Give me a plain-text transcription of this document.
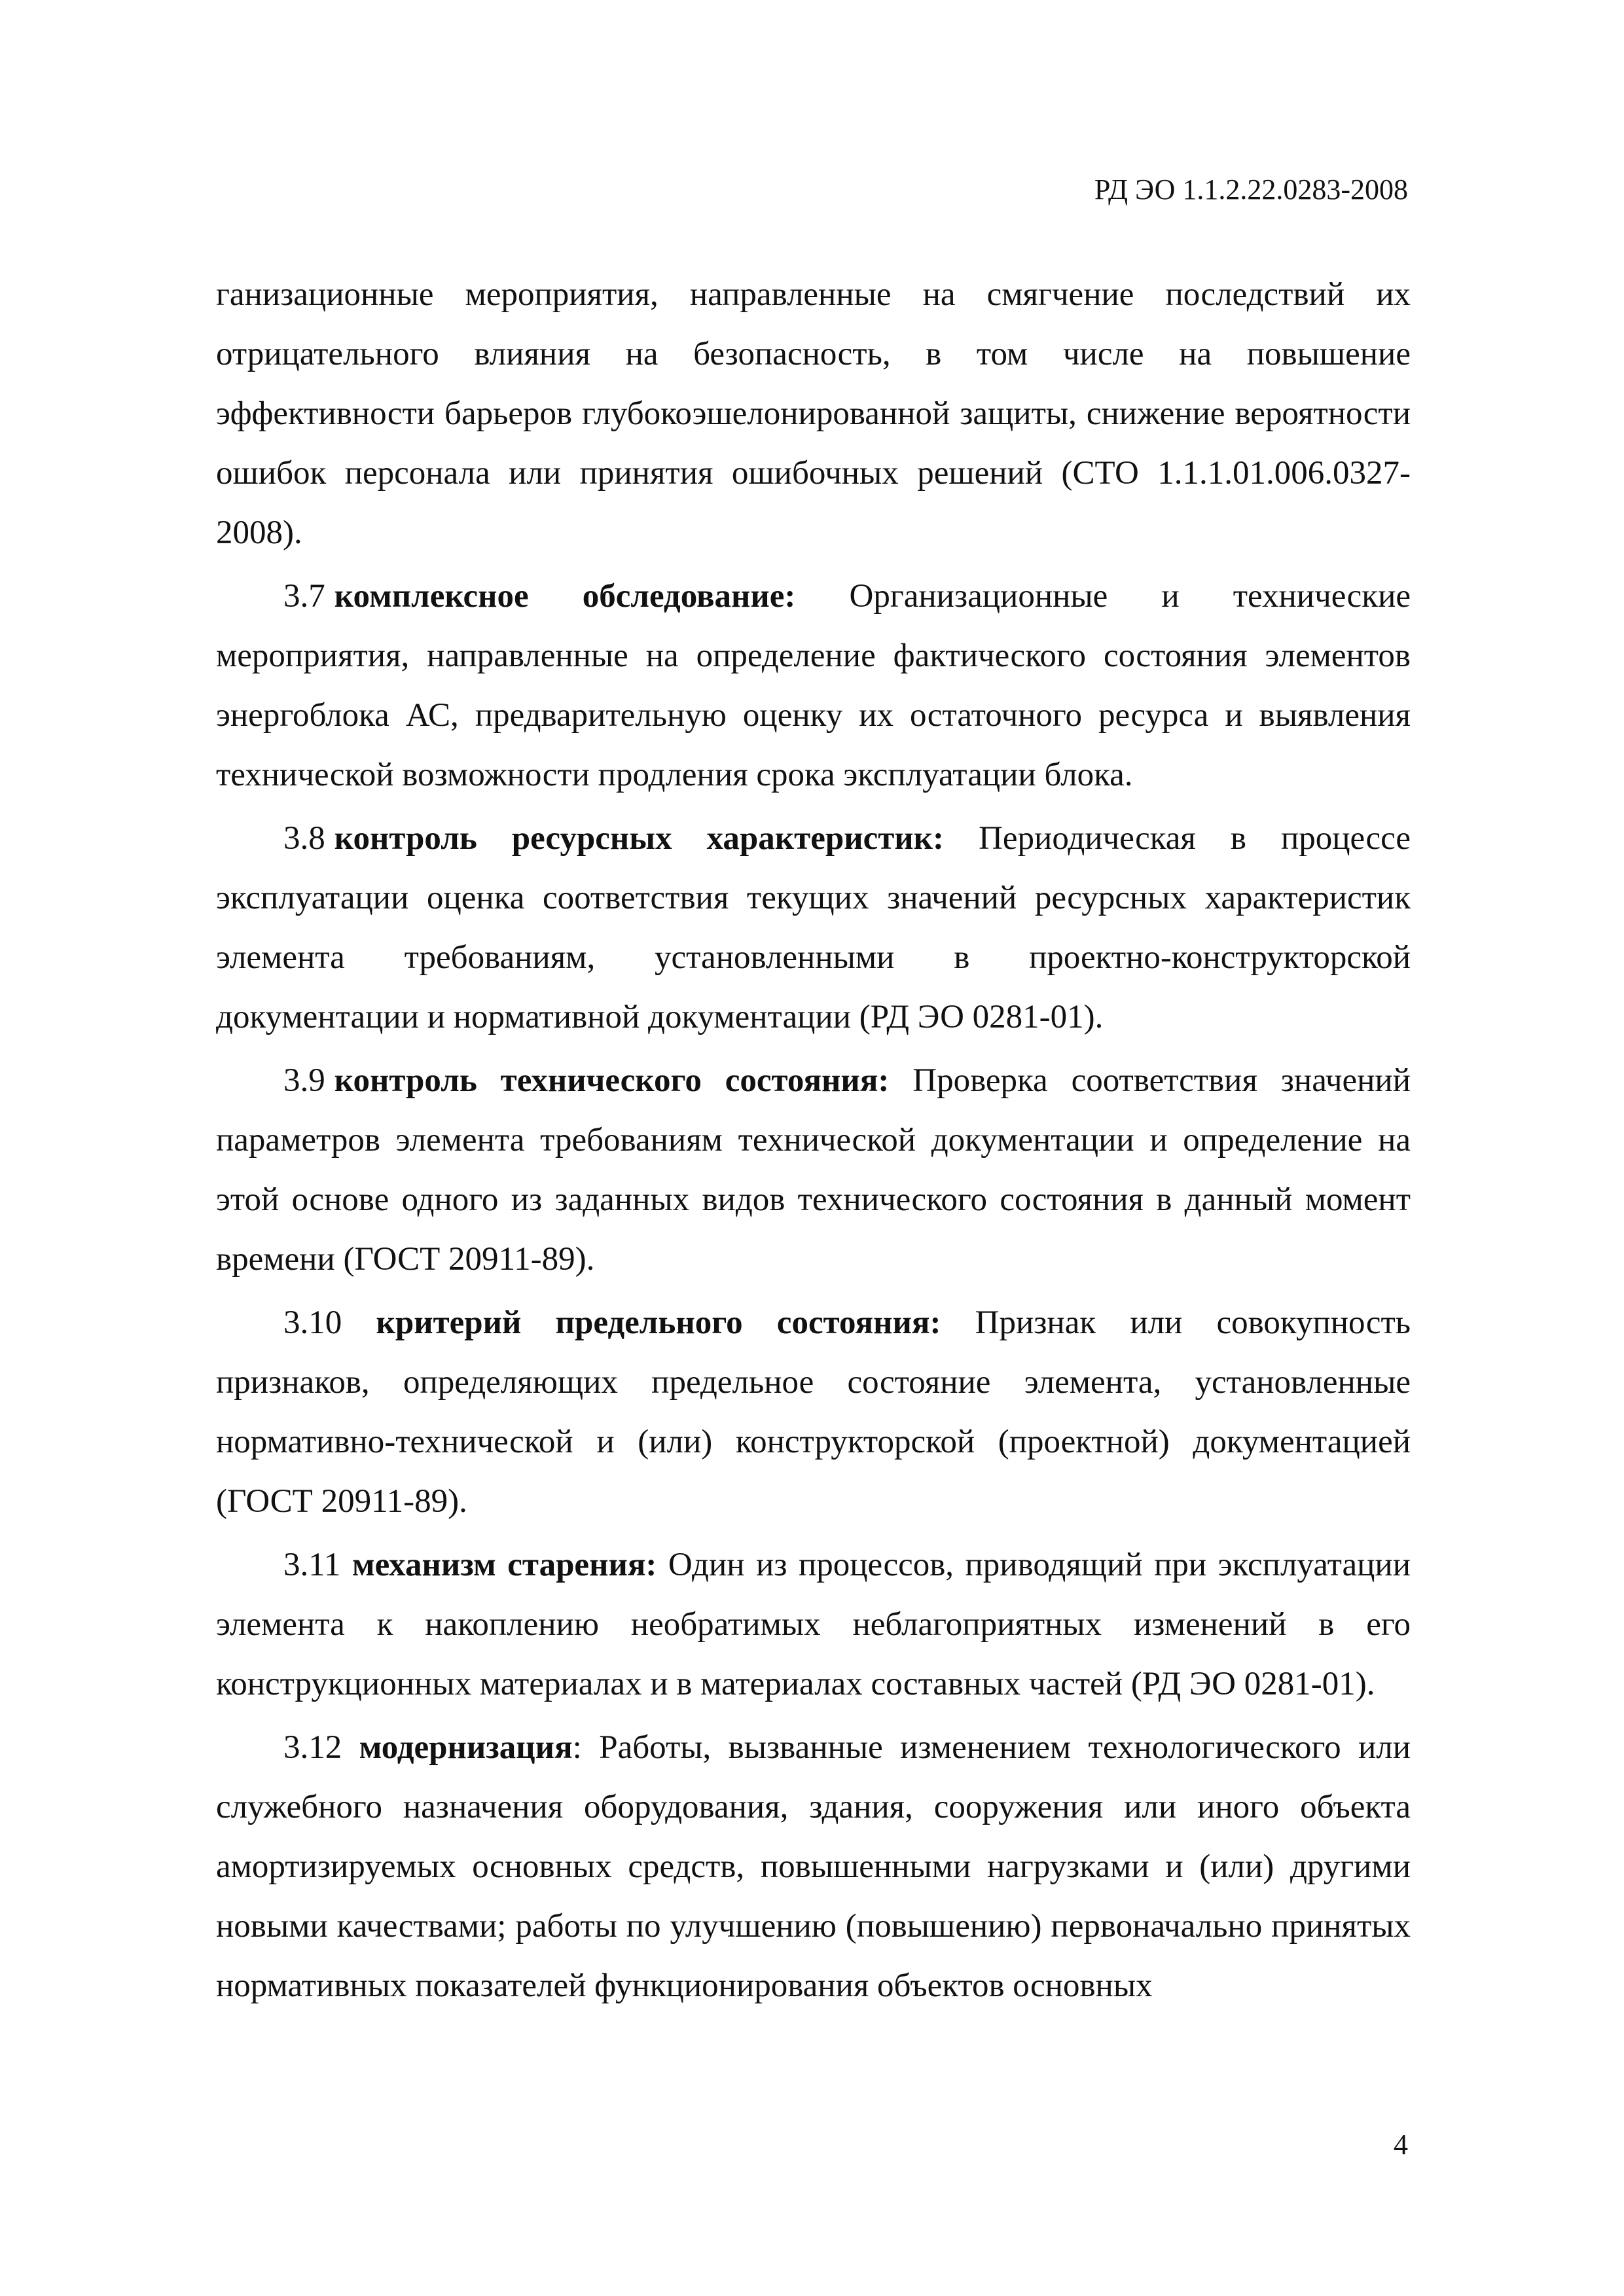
РД ЭО 1.1.2.22.0283-2008

ганизационные мероприятия, направленные на смягчение последствий их отрицательного влияния на безопасность, в том числе на повышение эффективности барьеров глубокоэшелонированной защиты, снижение вероятности ошибок персонала или принятия ошибочных решений (СТО 1.1.1.01.006.0327-2008).

3.7 комплексное обследование: Организационные и технические мероприятия, направленные на определение фактического состояния элементов энергоблока АС, предварительную оценку их остаточного ресурса и выявления технической возможности продления срока эксплуатации блока.

3.8 контроль ресурсных характеристик: Периодическая в процессе эксплуатации оценка соответствия текущих значений ресурсных характеристик элемента требованиям, установленными в проектно-конструкторской документации и нормативной документации (РД ЭО 0281-01).

3.9 контроль технического состояния: Проверка соответствия значений параметров элемента требованиям технической документации и определение на этой основе одного из заданных видов технического состояния в данный момент времени (ГОСТ 20911-89).

3.10 критерий предельного состояния: Признак или совокупность признаков, определяющих предельное состояние элемента, установленные нормативно-технической и (или) конструкторской (проектной) документацией (ГОСТ 20911-89).

3.11 механизм старения: Один из процессов, приводящий при эксплуатации элемента к накоплению необратимых неблагоприятных изменений в его конструкционных материалах и в материалах составных частей (РД ЭО 0281-01).

3.12 модернизация: Работы, вызванные изменением технологического или служебного назначения оборудования, здания, сооружения или иного объекта амортизируемых основных средств, повышенными нагрузками и (или) другими новыми качествами; работы по улучшению (повышению) первоначально принятых нормативных показателей функционирования объектов основных

4
